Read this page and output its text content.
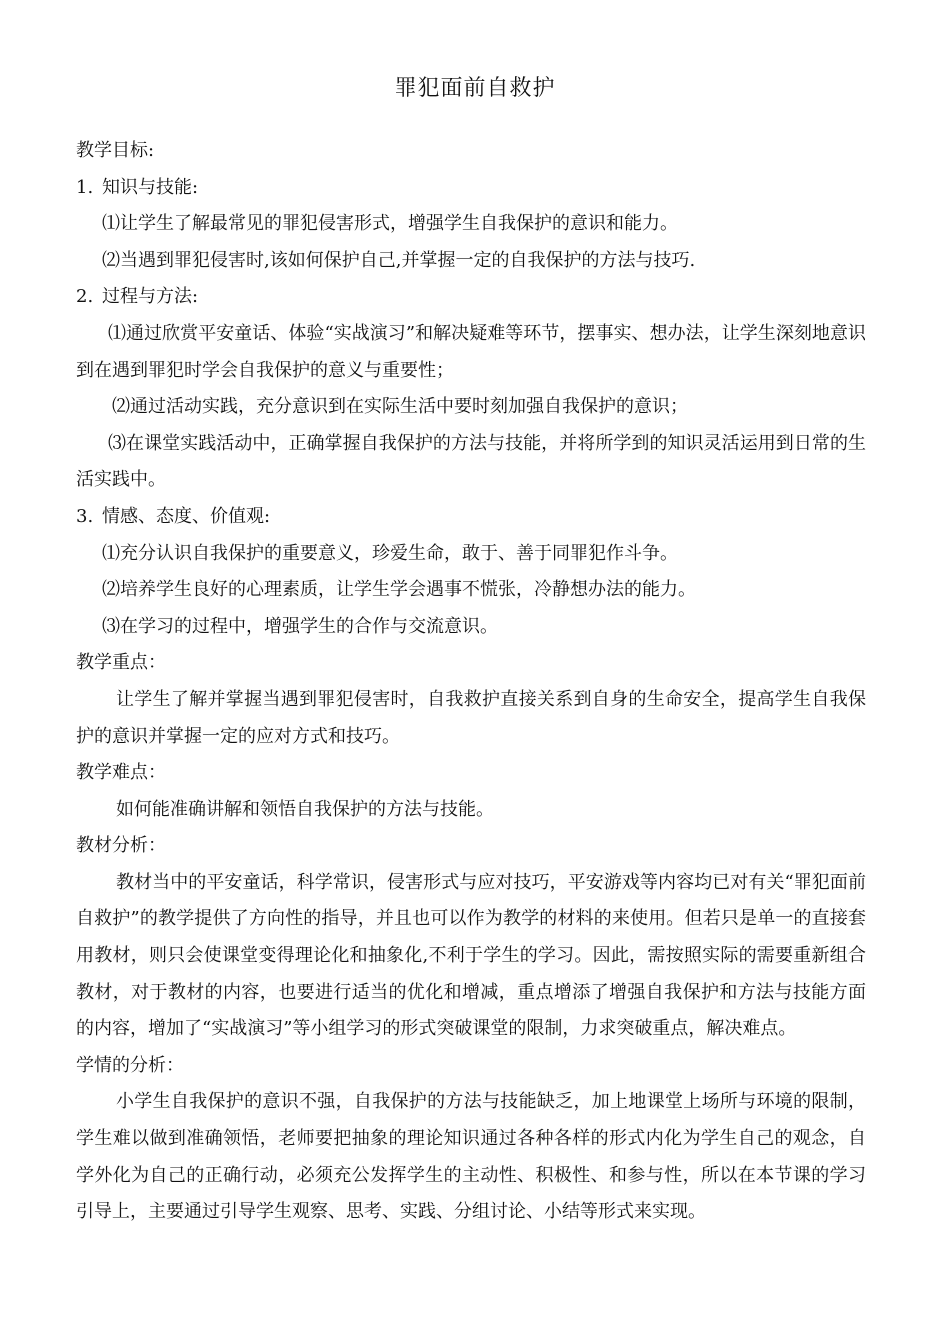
罪犯面前自救护

教学目标:

1. 知识与技能:

⑴让学生了解最常见的罪犯侵害形式，增强学生自我保护的意识和能力。

⑵当遇到罪犯侵害时,该如何保护自己,并掌握一定的自我保护的方法与技巧.

2. 过程与方法:

⑴通过欣赏平安童话、体验“实战演习”和解决疑难等环节，摆事实、想办法，让学生深刻地意识到在遇到罪犯时学会自我保护的意义与重要性；

⑵通过活动实践，充分意识到在实际生活中要时刻加强自我保护的意识；

⑶在课堂实践活动中，正确掌握自我保护的方法与技能，并将所学到的知识灵活运用到日常的生活实践中。

3. 情感、态度、价值观:

⑴充分认识自我保护的重要意义，珍爱生命，敢于、善于同罪犯作斗争。

⑵培养学生良好的心理素质，让学生学会遇事不慌张，冷静想办法的能力。

⑶在学习的过程中，增强学生的合作与交流意识。

教学重点：

让学生了解并掌握当遇到罪犯侵害时，自我救护直接关系到自身的生命安全，提高学生自我保护的意识并掌握一定的应对方式和技巧。

教学难点：

如何能准确讲解和领悟自我保护的方法与技能。

教材分析：

教材当中的平安童话，科学常识，侵害形式与应对技巧，平安游戏等内容均已对有关“罪犯面前自救护”的教学提供了方向性的指导，并且也可以作为教学的材料的来使用。但若只是单一的直接套用教材，则只会使课堂变得理论化和抽象化,不利于学生的学习。因此，需按照实际的需要重新组合教材，对于教材的内容，也要进行适当的优化和增减，重点增添了增强自我保护和方法与技能方面的内容，增加了“实战演习”等小组学习的形式突破课堂的限制，力求突破重点，解决难点。

学情的分析：

小学生自我保护的意识不强，自我保护的方法与技能缺乏，加上地课堂上场所与环境的限制，学生难以做到准确领悟，老师要把抽象的理论知识通过各种各样的形式内化为学生自己的观念，自学外化为自己的正确行动，必须充公发挥学生的主动性、积极性、和参与性，所以在本节课的学习引导上，主要通过引导学生观察、思考、实践、分组讨论、小结等形式来实现。
